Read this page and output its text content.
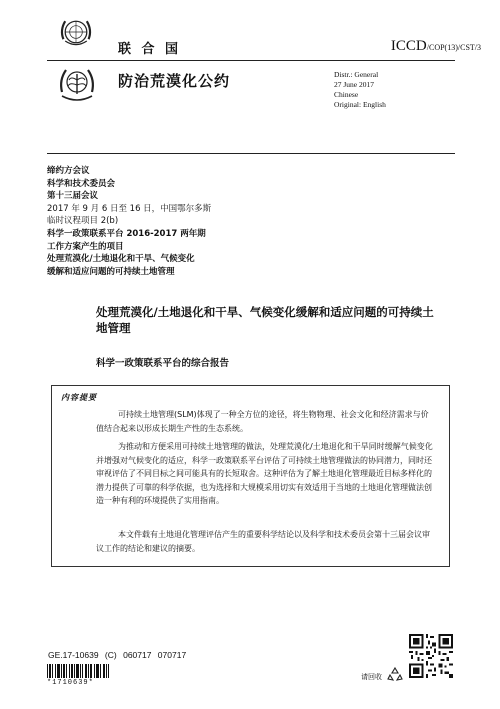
联 合 国	ICCD/COP(13)/CST/3
防治荒漠化公约	Distr.: General
27 June 2017
Chinese
Original: English
缔约方会议
科学和技术委员会
第十三届会议
2017 年 9 月 6 日至 16 日，中国鄂尔多斯
临时议程项目 2(b)
科学一政策联系平台 2016-2017 两年期
工作方案产生的项目
处理荒漠化/土地退化和干旱、气候变化
缓解和适应问题的可持续土地管理
处理荒漠化/土地退化和干旱、气候变化缓解和适应问题的可持续土地管理
科学一政策联系平台的综合报告
内容提要
可持续土地管理(SLM)体现了一种全方位的途径，将生物物理、社会文化和经济需求与价值结合起来以形成长期生产性的生态系统。
为推动和方便采用可持续土地管理的做法，处理荒漠化/土地退化和干旱同时缓解气候变化并增强对气候变化的适应，科学一政策联系平台评估了可持续土地管理做法的协同潜力，同时还审视评估了不同目标之间可能具有的长短取舍。这种评估为了解土地退化管理最近目标多样化的潜力提供了可靠的科学依据，也为选择和大规模采用切实有效适用于当地的土地退化管理做法创造一种有利的环境提供了实用指南。
本文件载有土地退化管理评估产生的重要科学结论以及科学和技术委员会第十三届会议审议工作的结论和建议的摘要。
GE.17-10639 (C) 060717 070717
*1710639*
请回收
